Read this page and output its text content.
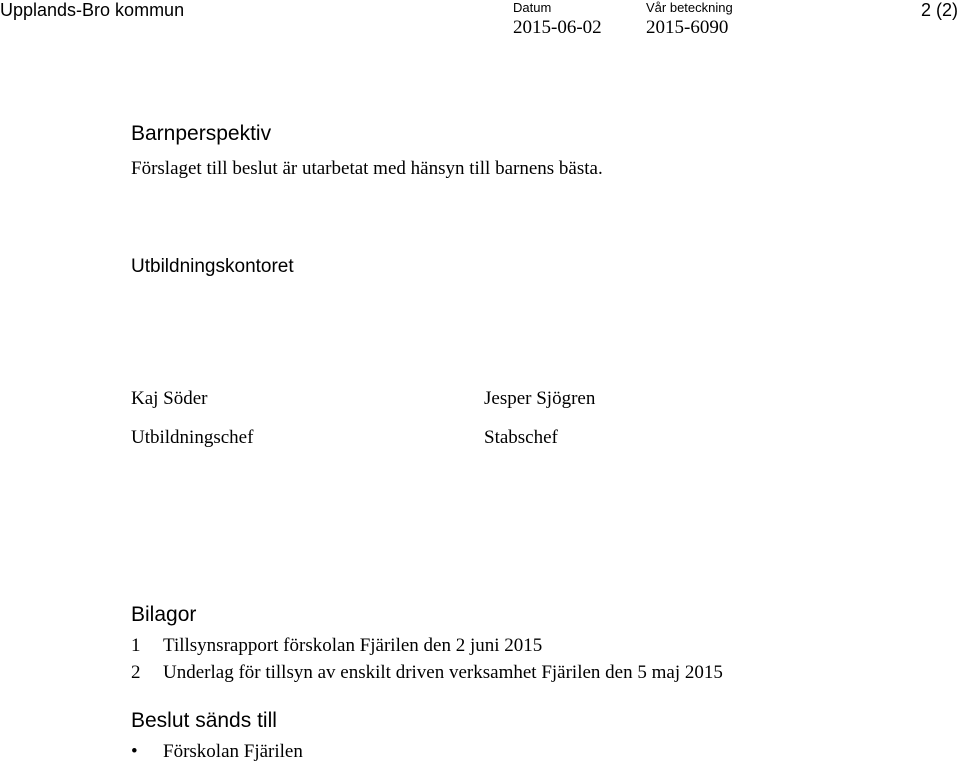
Upplands-Bro kommun	Datum
2015-06-02
Vår beteckning
2015-6090
2 (2)
Barnperspektiv
Förslaget till beslut är utarbetat med hänsyn till barnens bästa.
Utbildningskontoret
Kaj Söder
Utbildningschef
Jesper Sjögren
Stabschef
Bilagor
1 Tillsynsrapport förskolan Fjärilen den 2 juni 2015
2 Underlag för tillsyn av enskilt driven verksamhet Fjärilen den 5 maj 2015
Beslut sänds till
• Förskolan Fjärilen
